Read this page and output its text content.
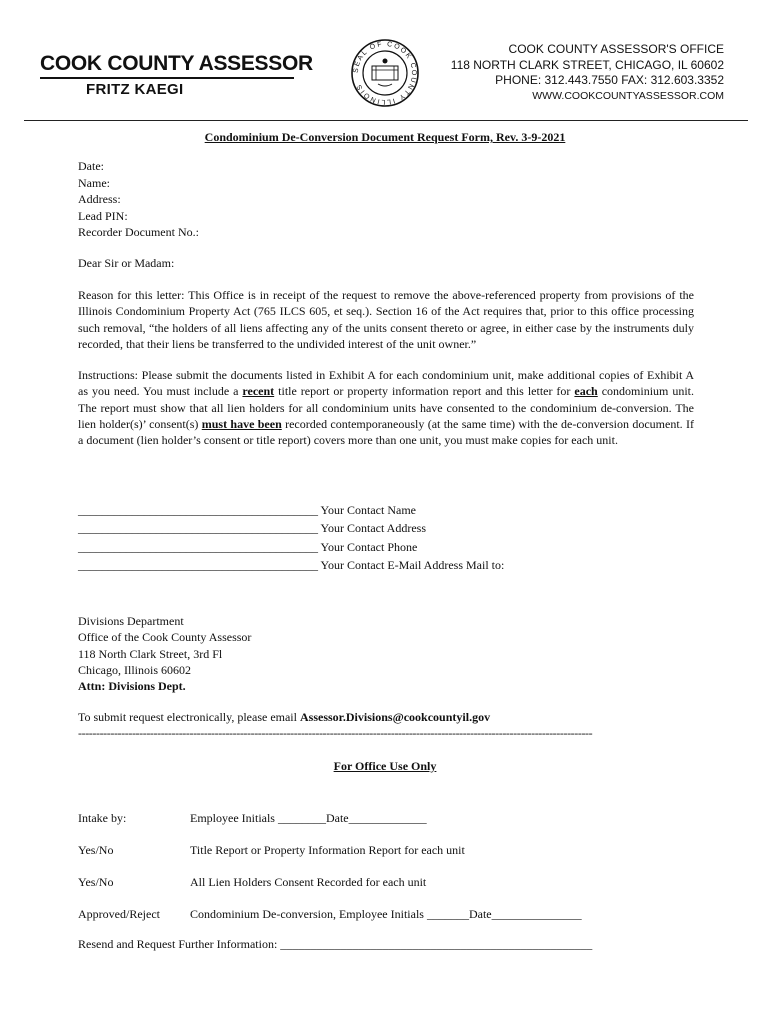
COOK COUNTY ASSESSOR
FRITZ KAEGI
SEAL OF COOK COUNTY ILLINOIS
COOK COUNTY ASSESSOR'S OFFICE
118 NORTH CLARK STREET, CHICAGO, IL 60602
PHONE: 312.443.7550 FAX: 312.603.3352
WWW.COOKCOUNTYASSESSOR.COM
Condominium De-Conversion Document Request Form, Rev. 3-9-2021
Date:
Name:
Address:
Lead PIN:
Recorder Document No.:
Dear Sir or Madam:
Reason for this letter: This Office is in receipt of the request to remove the above-referenced property from provisions of the Illinois Condominium Property Act (765 ILCS 605, et seq.). Section 16 of the Act requires that, prior to this office processing such removal, “the holders of all liens affecting any of the units consent thereto or agree, in either case by the instruments duly recorded, that their liens be transferred to the undivided interest of the unit owner.”
Instructions: Please submit the documents listed in Exhibit A for each condominium unit, make additional copies of Exhibit A as you need. You must include a recent title report or property information report and this letter for each condominium unit. The report must show that all lien holders for all condominium units have consented to the condominium de-conversion. The lien holder(s)’ consent(s) must have been recorded contemporaneously (at the same time) with the de-conversion document. If a document (lien holder’s consent or title report) covers more than one unit, you must make copies for each unit.
________________________________________ Your Contact Name
________________________________________ Your Contact Address
________________________________________ Your Contact Phone
________________________________________ Your Contact E-Mail Address Mail to:
Divisions Department
Office of the Cook County Assessor
118 North Clark Street, 3rd Fl
Chicago, Illinois 60602
Attn: Divisions Dept.
To submit request electronically, please email Assessor.Divisions@cookcountyil.gov
-----------------------------------------------------------------------------------------------------------------------------------------------
For Office Use Only
Intake by:	Employee Initials ________Date_____________
Yes/No	Title Report or Property Information Report for each unit
Yes/No	All Lien Holders Consent Recorded for each unit
Approved/Reject	Condominium De-conversion, Employee Initials _______Date_______________
Resend and Request Further Information: ____________________________________________________
